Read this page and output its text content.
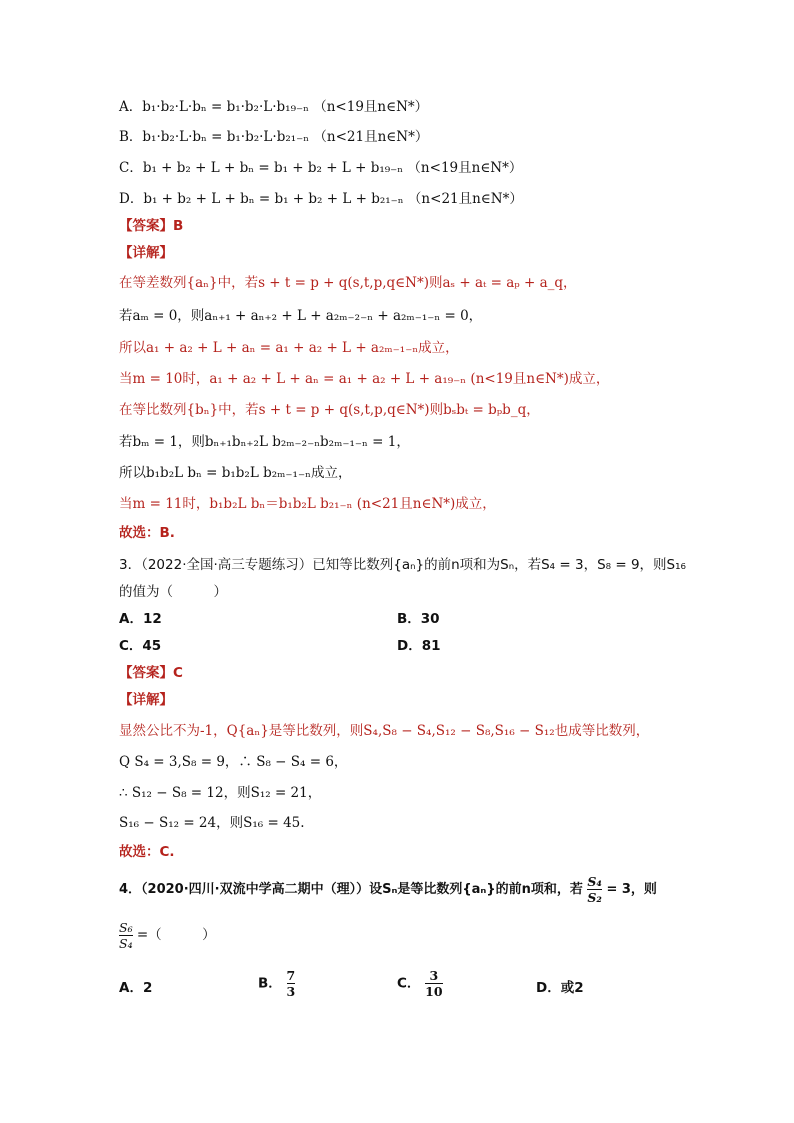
A．b₁·b₂·L·bₙ = b₁·b₂·L·b₁₉₋ₙ （n<19且n∈N*）
B．b₁·b₂·L·bₙ = b₁·b₂·L·b₂₁₋ₙ （n<21且n∈N*）
C．b₁ + b₂ + L + bₙ = b₁ + b₂ + L + b₁₉₋ₙ （n<19且n∈N*）
D．b₁ + b₂ + L + bₙ = b₁ + b₂ + L + b₂₁₋ₙ （n<21且n∈N*）
【答案】B
【详解】
在等差数列{aₙ}中，若s + t = p + q(s,t,p,q∈N*)则aₛ + aₜ = aₚ + a_q，
若aₘ = 0，则aₙ₊₁ + aₙ₊₂ + L + a₂ₘ₋₂₋ₙ + a₂ₘ₋₁₋ₙ = 0，
所以a₁ + a₂ + L + aₙ = a₁ + a₂ + L + a₂ₘ₋₁₋ₙ成立，
当m = 10时，a₁ + a₂ + L + aₙ = a₁ + a₂ + L + a₁₉₋ₙ (n<19且n∈N*)成立，
在等比数列{bₙ}中，若s + t = p + q(s,t,p,q∈N*)则bₛbₜ = bₚb_q，
若bₘ = 1，则bₙ₊₁bₙ₊₂L b₂ₘ₋₂₋ₙb₂ₘ₋₁₋ₙ = 1，
所以b₁b₂L bₙ = b₁b₂L b₂ₘ₋₁₋ₙ成立，
当m = 11时，b₁b₂L bₙ＝b₁b₂L b₂₁₋ₙ (n<21且n∈N*)成立，
故选：B.
3．（2022·全国·高三专题练习）已知等比数列{aₙ}的前n项和为Sₙ，若S₄ = 3，S₈ = 9，则S₁₆
的值为（　　　）
A．12	B．30
C．45	D．81
【答案】C
【详解】
显然公比不为-1，Q{aₙ}是等比数列，则S₄,S₈ − S₄,S₁₂ − S₈,S₁₆ − S₁₂也成等比数列，
Q S₄ = 3,S₈ = 9，∴ S₈ − S₄ = 6，
∴ S₁₂ − S₈ = 12，则S₁₂ = 21，
S₁₆ − S₁₂ = 24，则S₁₆ = 45.
故选：C.
4．（2020·四川·双流中学高二期中（理））设Sₙ是等比数列{aₙ}的前n项和，若 $\frac{\text{S₄}}{\text{S₂}} = 3$，则
$\frac{\text{S₆}}{\text{S₄}}$ =（　　　）
A．2	B． $\frac{7}{3}$	C． $\frac{3}{10}$	D．或2
